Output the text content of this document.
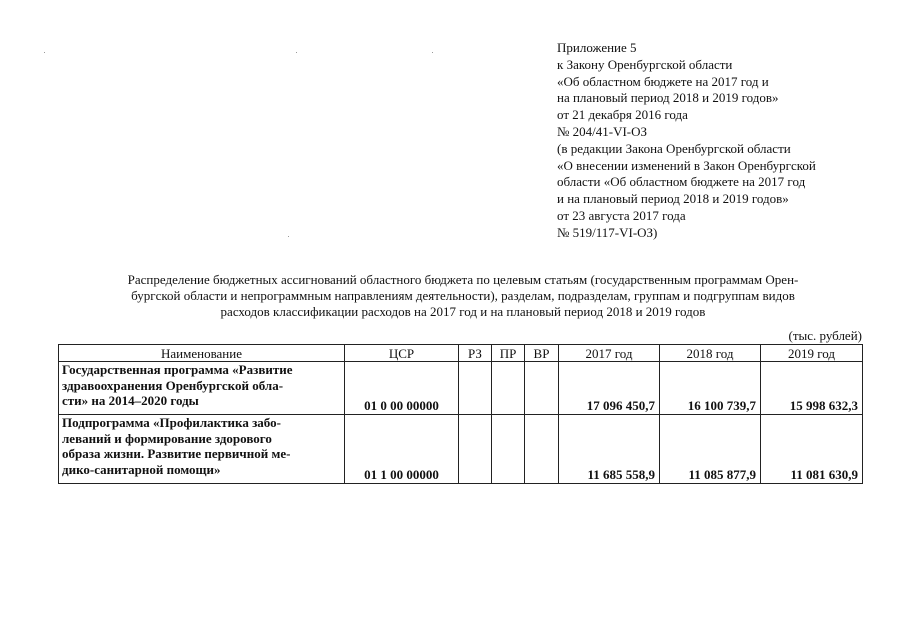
Приложение 5
к Закону Оренбургской области
«Об областном бюджете на 2017 год и
на плановый период 2018 и 2019 годов»
от 21 декабря 2016 года
№ 204/41-VI-ОЗ
(в редакции Закона Оренбургской области
«О внесении изменений в Закон Оренбургской
области «Об областном бюджете на 2017 год
и на плановый период 2018 и 2019 годов»
от 23 августа 2017 года
№ 519/117-VI-ОЗ)
Распределение бюджетных ассигнований областного бюджета по целевым статьям (государственным программам Орен-
бургской области и непрограммным направлениям деятельности), разделам, подразделам, группам и подгруппам видов
расходов классификации расходов на 2017 год и на плановый период 2018 и 2019 годов
(тыс. рублей)
Наименование	ЦСР	РЗ	ПР	ВР	2017 год	2018 год	2019 год

Государственная программа «Развитие
здравоохранения Оренбургской обла-
сти» на 2014–2020 годы	01 0 00 00000				17 096 450,7	16 100 739,7	15 998 632,3

Подпрограмма «Профилактика забо-
леваний и формирование здорового
образа жизни. Развитие первичной ме-
дико-санитарной помощи»	01 1 00 00000				11 685 558,9	11 085 877,9	11 081 630,9
